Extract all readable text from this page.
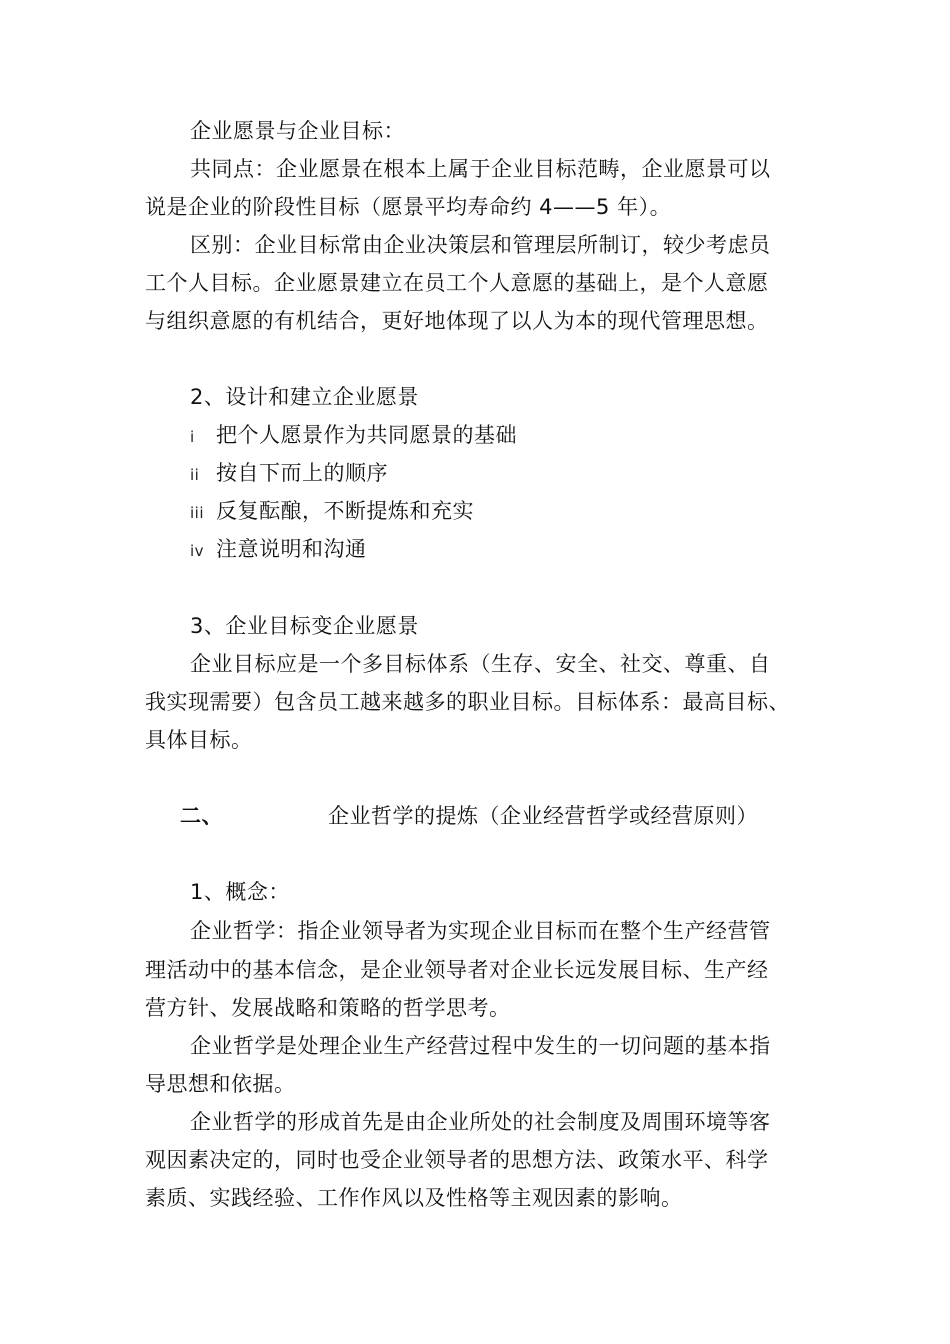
企业愿景与企业目标：
共同点：企业愿景在根本上属于企业目标范畴，企业愿景可以
说是企业的阶段性目标（愿景平均寿命约 4——5 年）。
区别：企业目标常由企业决策层和管理层所制订，较少考虑员
工个人目标。企业愿景建立在员工个人意愿的基础上，是个人意愿
与组织意愿的有机结合，更好地体现了以人为本的现代管理思想。
2、设计和建立企业愿景
i 把个人愿景作为共同愿景的基础
ii 按自下而上的顺序
iii 反复酝酿，不断提炼和充实
iv 注意说明和沟通
3、企业目标变企业愿景
企业目标应是一个多目标体系（生存、安全、社交、尊重、自
我实现需要）包含员工越来越多的职业目标。目标体系：最高目标、
具体目标。
二、	企业哲学的提炼（企业经营哲学或经营原则）
1、概念：
企业哲学：指企业领导者为实现企业目标而在整个生产经营管
理活动中的基本信念，是企业领导者对企业长远发展目标、生产经
营方针、发展战略和策略的哲学思考。
企业哲学是处理企业生产经营过程中发生的一切问题的基本指
导思想和依据。
企业哲学的形成首先是由企业所处的社会制度及周围环境等客
观因素决定的，同时也受企业领导者的思想方法、政策水平、科学
素质、实践经验、工作作风以及性格等主观因素的影响。
